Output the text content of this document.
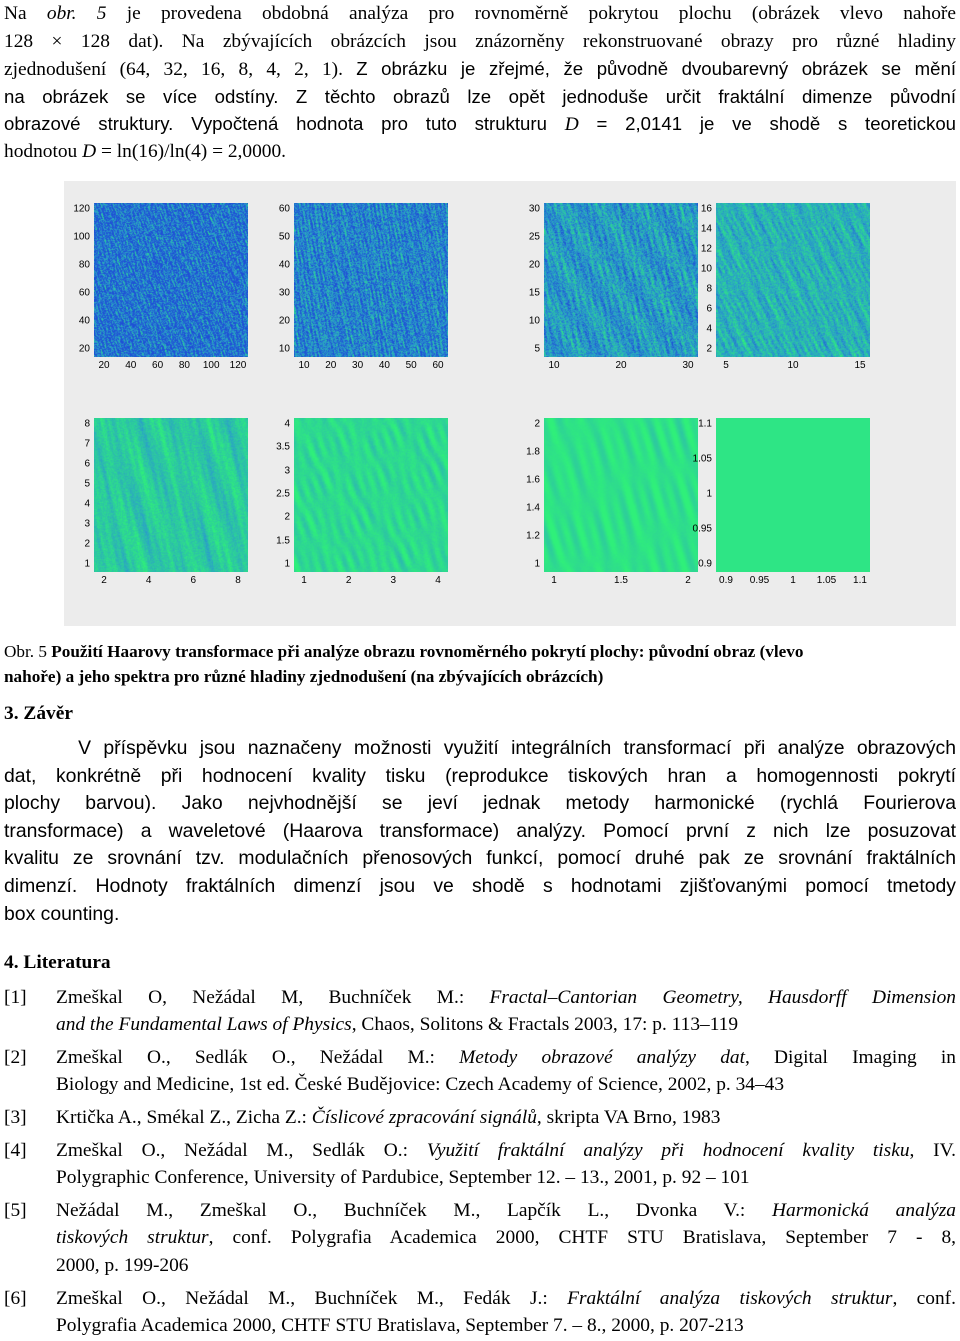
Na obr. 5 je provedena obdobná analýza pro rovnoměrně pokrytou plochu (obrázek vlevo nahoře
128 × 128 dat). Na zbývajících obrázcích jsou znázorněny rekonstruované obrazy pro různé hladiny
zjednodušení (64, 32, 16, 8, 4, 2, 1). Z obrázku je zřejmé, že původně dvoubarevný obrázek se mění
na obrázek se více odstíny. Z těchto obrazů lze opět jednoduše určit fraktální dimenze původní
obrazové struktury. Vypočtená hodnota pro tuto strukturu D = 2,0141 je ve shodě s teoretickou
hodnotou D = ln(16)/ln(4) = 2,0000.
120
100
80
60
40
20
20 40 60 80 100 120
60
50
40
30
20
10
10 20 30 40 50 60
30
25
20
15
10
5
10	20	30
16
14
12
10
8
6
4
2
5	10	15
8
7
6
5
4
3
2
1
2	4	6	8
4
3.5
3
2.5
2
1.5
1
1	2	3	4
2
1.8
1.6
1.4
1.2
1
1	1.5	2
1.1
1.05
1
0.95
0.9
0.9 0.95 1 1.05 1.1
Obr. 5 Použití Haarovy transformace při analýze obrazu rovnoměrného pokrytí plochy: původní obraz (vlevo
nahoře) a jeho spektra pro různé hladiny zjednodušení (na zbývajících obrázcích)
3. Závěr
V příspěvku jsou naznačeny možnosti využití integrálních transformací při analýze obrazových
dat, konkrétně při hodnocení kvality tisku (reprodukce tiskových hran a homogennosti pokrytí
plochy barvou). Jako nejvhodnější se jeví jednak metody harmonické (rychlá Fourierova
transformace) a waveletové (Haarova transformace) analýzy. Pomocí první z nich lze posuzovat
kvalitu ze srovnání tzv. modulačních přenosových funkcí, pomocí druhé pak ze srovnání fraktálních
dimenzí. Hodnoty fraktálních dimenzí jsou ve shodě s hodnotami zjišťovanými pomocí tmetody
box counting.
4. Literatura
[1]	Zmeškal O, Nežádal M, Buchníček M.: Fractal–Cantorian Geometry, Hausdorff Dimension
and the Fundamental Laws of Physics, Chaos, Solitons & Fractals 2003, 17: p. 113–119
[2]	Zmeškal O., Sedlák O., Nežádal M.: Metody obrazové analýzy dat, Digital Imaging in
Biology and Medicine, 1st ed. České Budějovice: Czech Academy of Science, 2002, p. 34–43
[3]	Krtička A., Smékal Z., Zicha Z.: Číslicové zpracování signálů, skripta VA Brno, 1983
[4]	Zmeškal O., Nežádal M., Sedlák O.: Využití fraktální analýzy při hodnocení kvality tisku, IV.
Polygraphic Conference, University of Pardubice, September 12. – 13., 2001, p. 92 – 101
[5]	Nežádal M., Zmeškal O., Buchníček M., Lapčík L., Dvonka V.: Harmonická analýza
tiskových struktur, conf. Polygrafia Academica 2000, CHTF STU Bratislava, September 7 - 8,
2000, p. 199-206
[6]	Zmeškal O., Nežádal M., Buchníček M., Fedák J.: Fraktální analýza tiskových struktur, conf.
Polygrafia Academica 2000, CHTF STU Bratislava, September 7. – 8., 2000, p. 207-213
